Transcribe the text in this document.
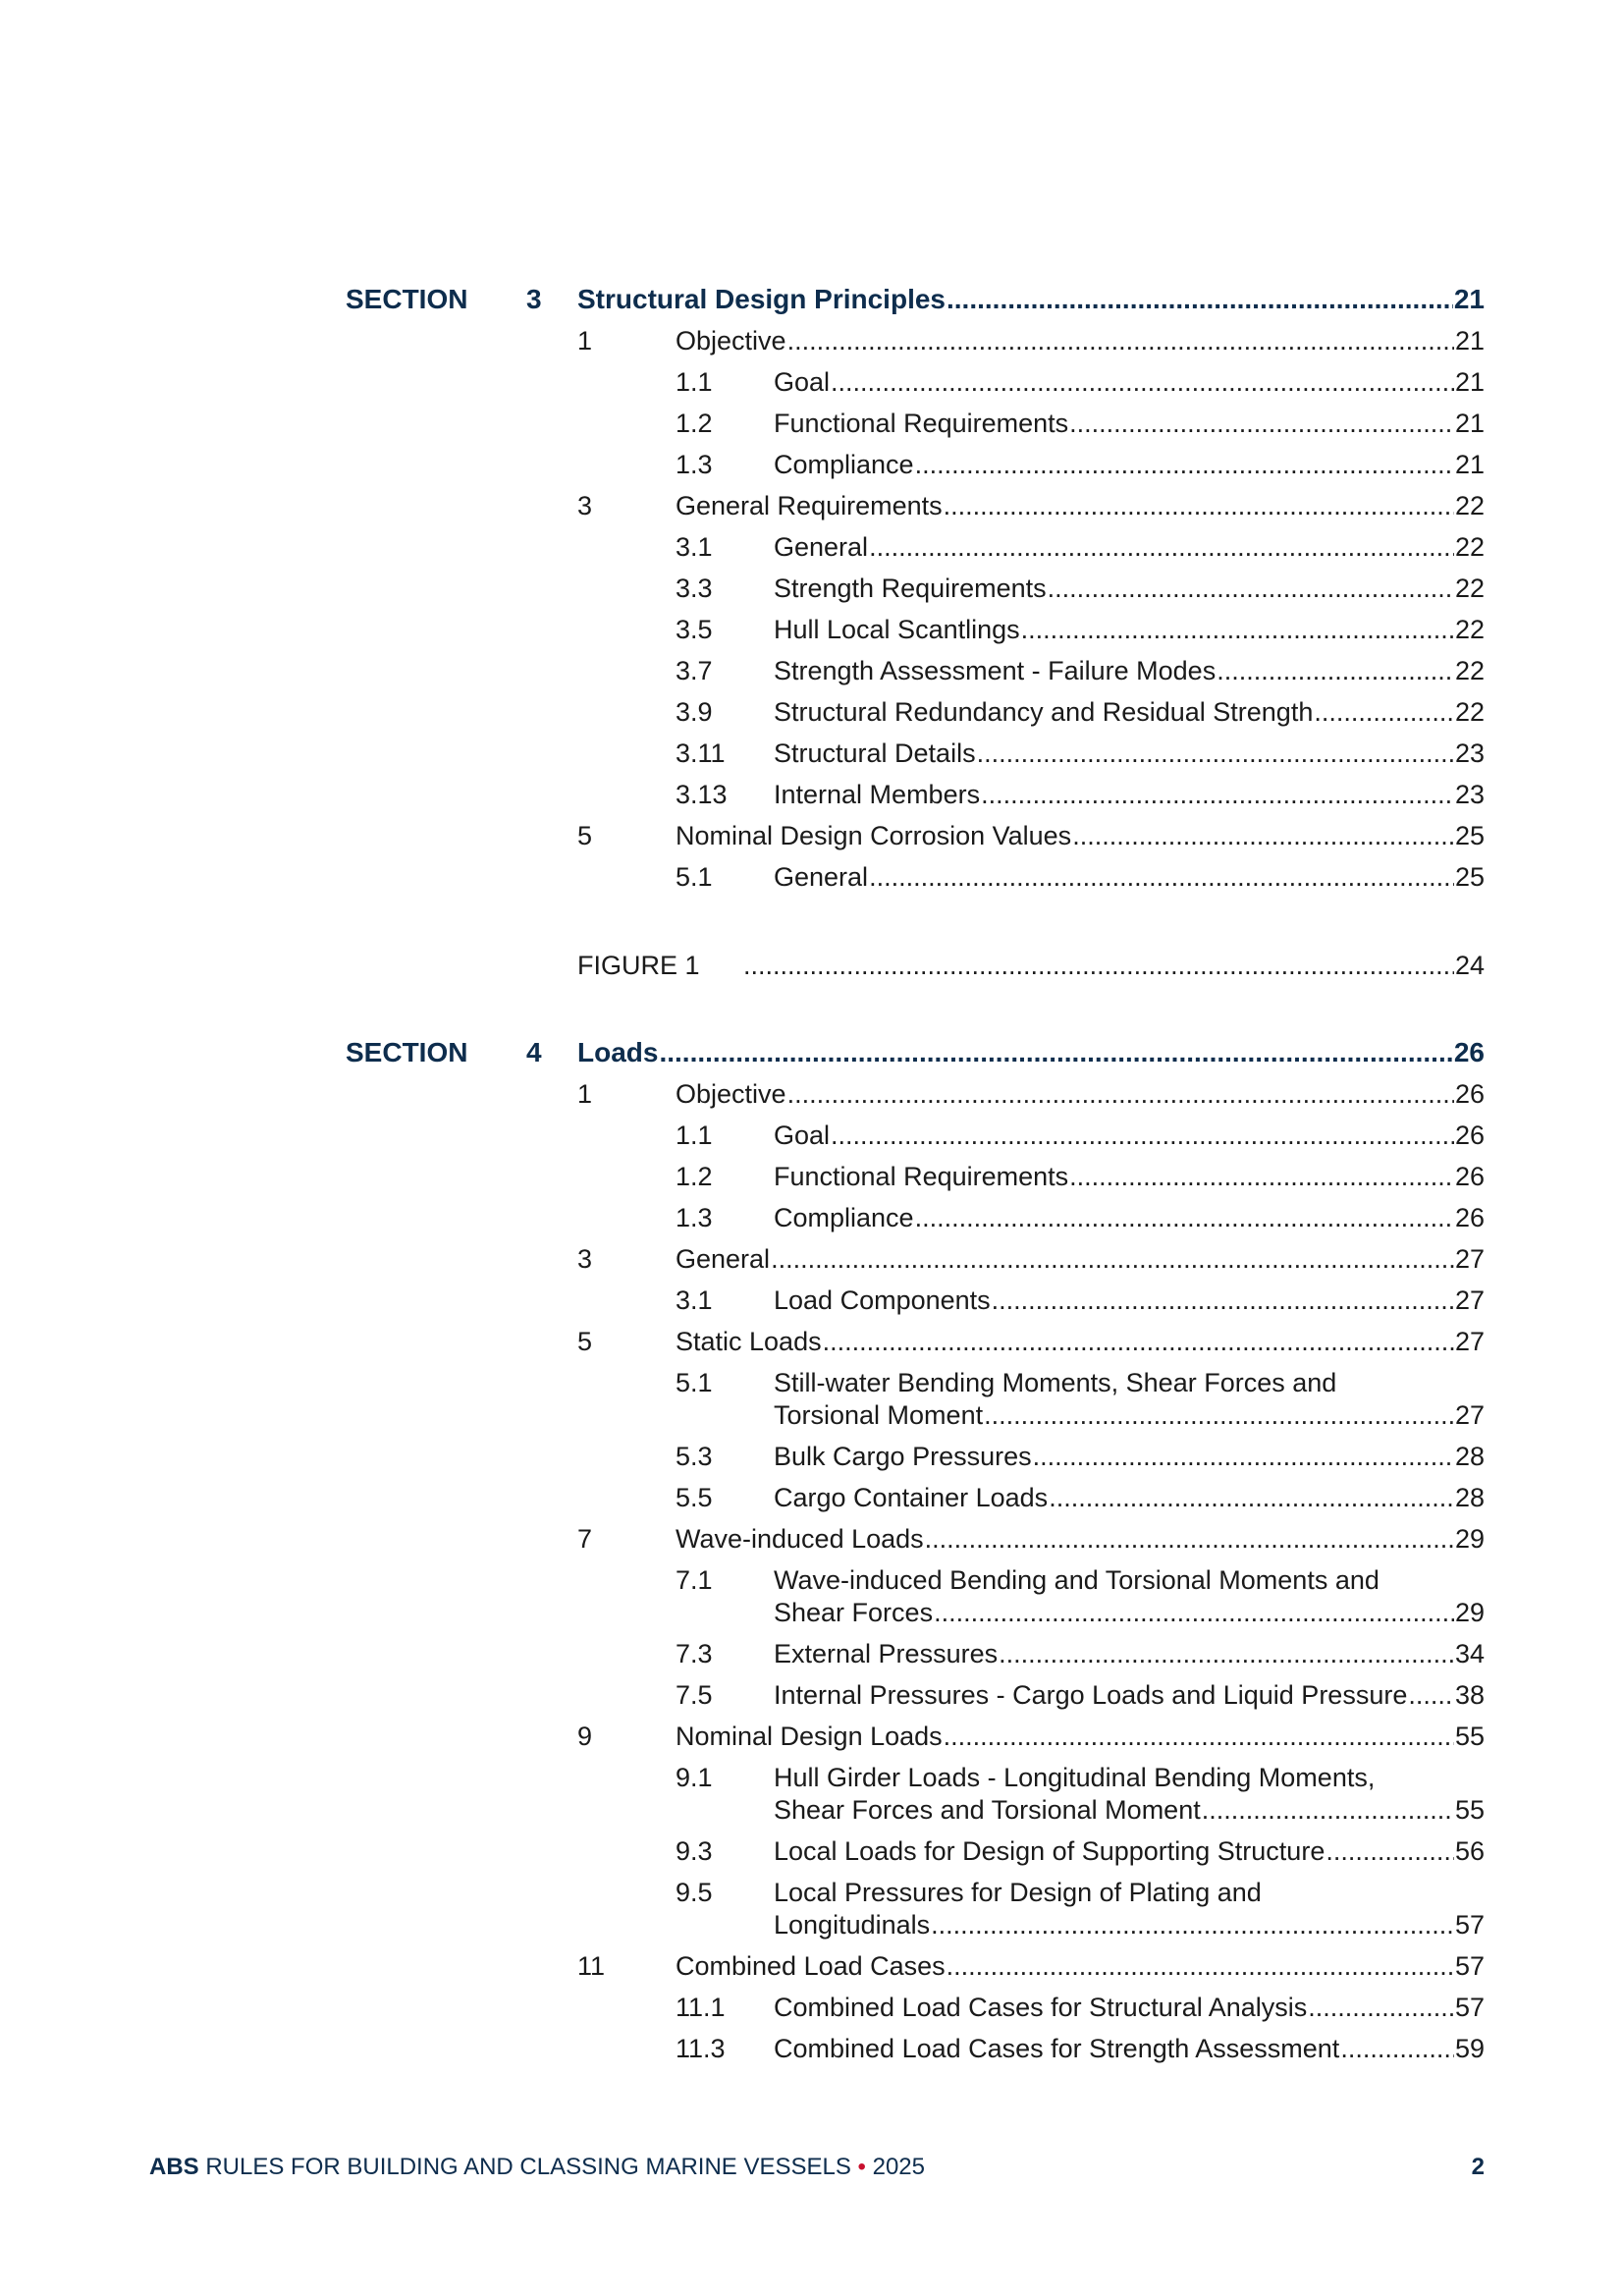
SECTION 3 Structural Design Principles .....	21
1	Objective .....	21
1.1 Goal .....	21
1.2 Functional Requirements .....	21
1.3 Compliance .....	21
3	General Requirements .....	22
3.1 General .....	22
3.3 Strength Requirements .....	22
3.5 Hull Local Scantlings .....	22
3.7 Strength Assessment - Failure Modes .....	22
3.9 Structural Redundancy and Residual Strength .....	22
3.11 Structural Details .....	23
3.13 Internal Members .....	23
5	Nominal Design Corrosion Values .....	25
5.1 General .....	25
FIGURE 1 .....	24
SECTION 4 Loads .....	26
1	Objective .....	26
1.1 Goal .....	26
1.2 Functional Requirements .....	26
1.3 Compliance .....	26
3	General .....	27
3.1 Load Components .....	27
5	Static Loads .....	27
5.1 Still-water Bending Moments, Shear Forces and
Torsional Moment .....	27
5.3 Bulk Cargo Pressures .....	28
5.5 Cargo Container Loads .....	28
7	Wave-induced Loads .....	29
7.1 Wave-induced Bending and Torsional Moments and
Shear Forces .....	29
7.3 External Pressures .....	34
7.5 Internal Pressures - Cargo Loads and Liquid Pressure ..... 38
9	Nominal Design Loads .....	55
9.1 Hull Girder Loads - Longitudinal Bending Moments,
Shear Forces and Torsional Moment .....	55
9.3 Local Loads for Design of Supporting Structure .....	56
9.5 Local Pressures for Design of Plating and
Longitudinals .....	57
11	Combined Load Cases .....	57
11.1 Combined Load Cases for Structural Analysis .....	57
11.3 Combined Load Cases for Strength Assessment .....	59
ABS RULES FOR BUILDING AND CLASSING MARINE VESSELS • 2025	2
